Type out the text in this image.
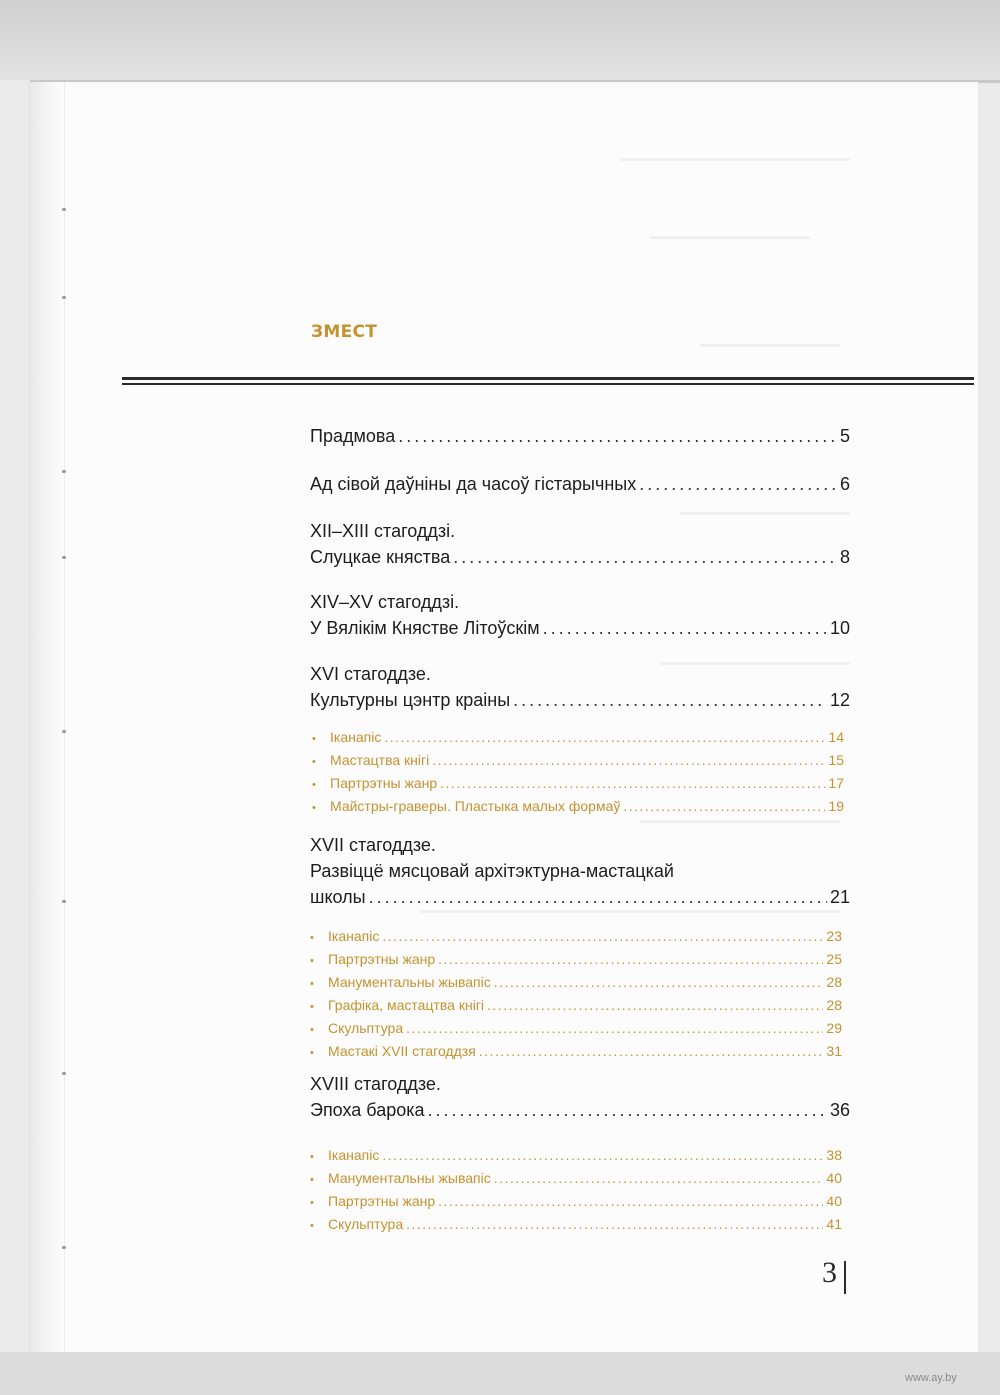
ЗМЕСТ
Прадмова .....	5
Ад сівой даўніны да часоў гістарычных .....	6
XII–XIII стагоддзі.
Слуцкае княства .....	8
XIV–XV стагоддзі.
У Вялікім Княстве Літоўскім .....	10
XVI стагоддзе.
Культурны цэнтр краіны .....	12
•	Іканапіс .....	14
•	Мастацтва кнігі .....	15
•	Партрэтны жанр .....	17
•	Майстры-граверы. Пластыка малых формаў .....	19
XVII стагоддзе.
Развіццё мясцовай архітэктурна-мастацкай
школы .....	21
•	Іканапіс .....	23
•	Партрэтны жанр .....	25
•	Манументальны жывапіс .....	28
•	Графіка, мастацтва кнігі .....	28
•	Скульптура .....	29
•	Мастакі XVII стагоддзя .....	31
XVIII стагоддзе.
Эпоха барока .....	36
•	Іканапіс .....	38
•	Манументальны жывапіс .....	40
•	Партрэтны жанр .....	40
•	Скульптура .....	41
3
www.ay.by
